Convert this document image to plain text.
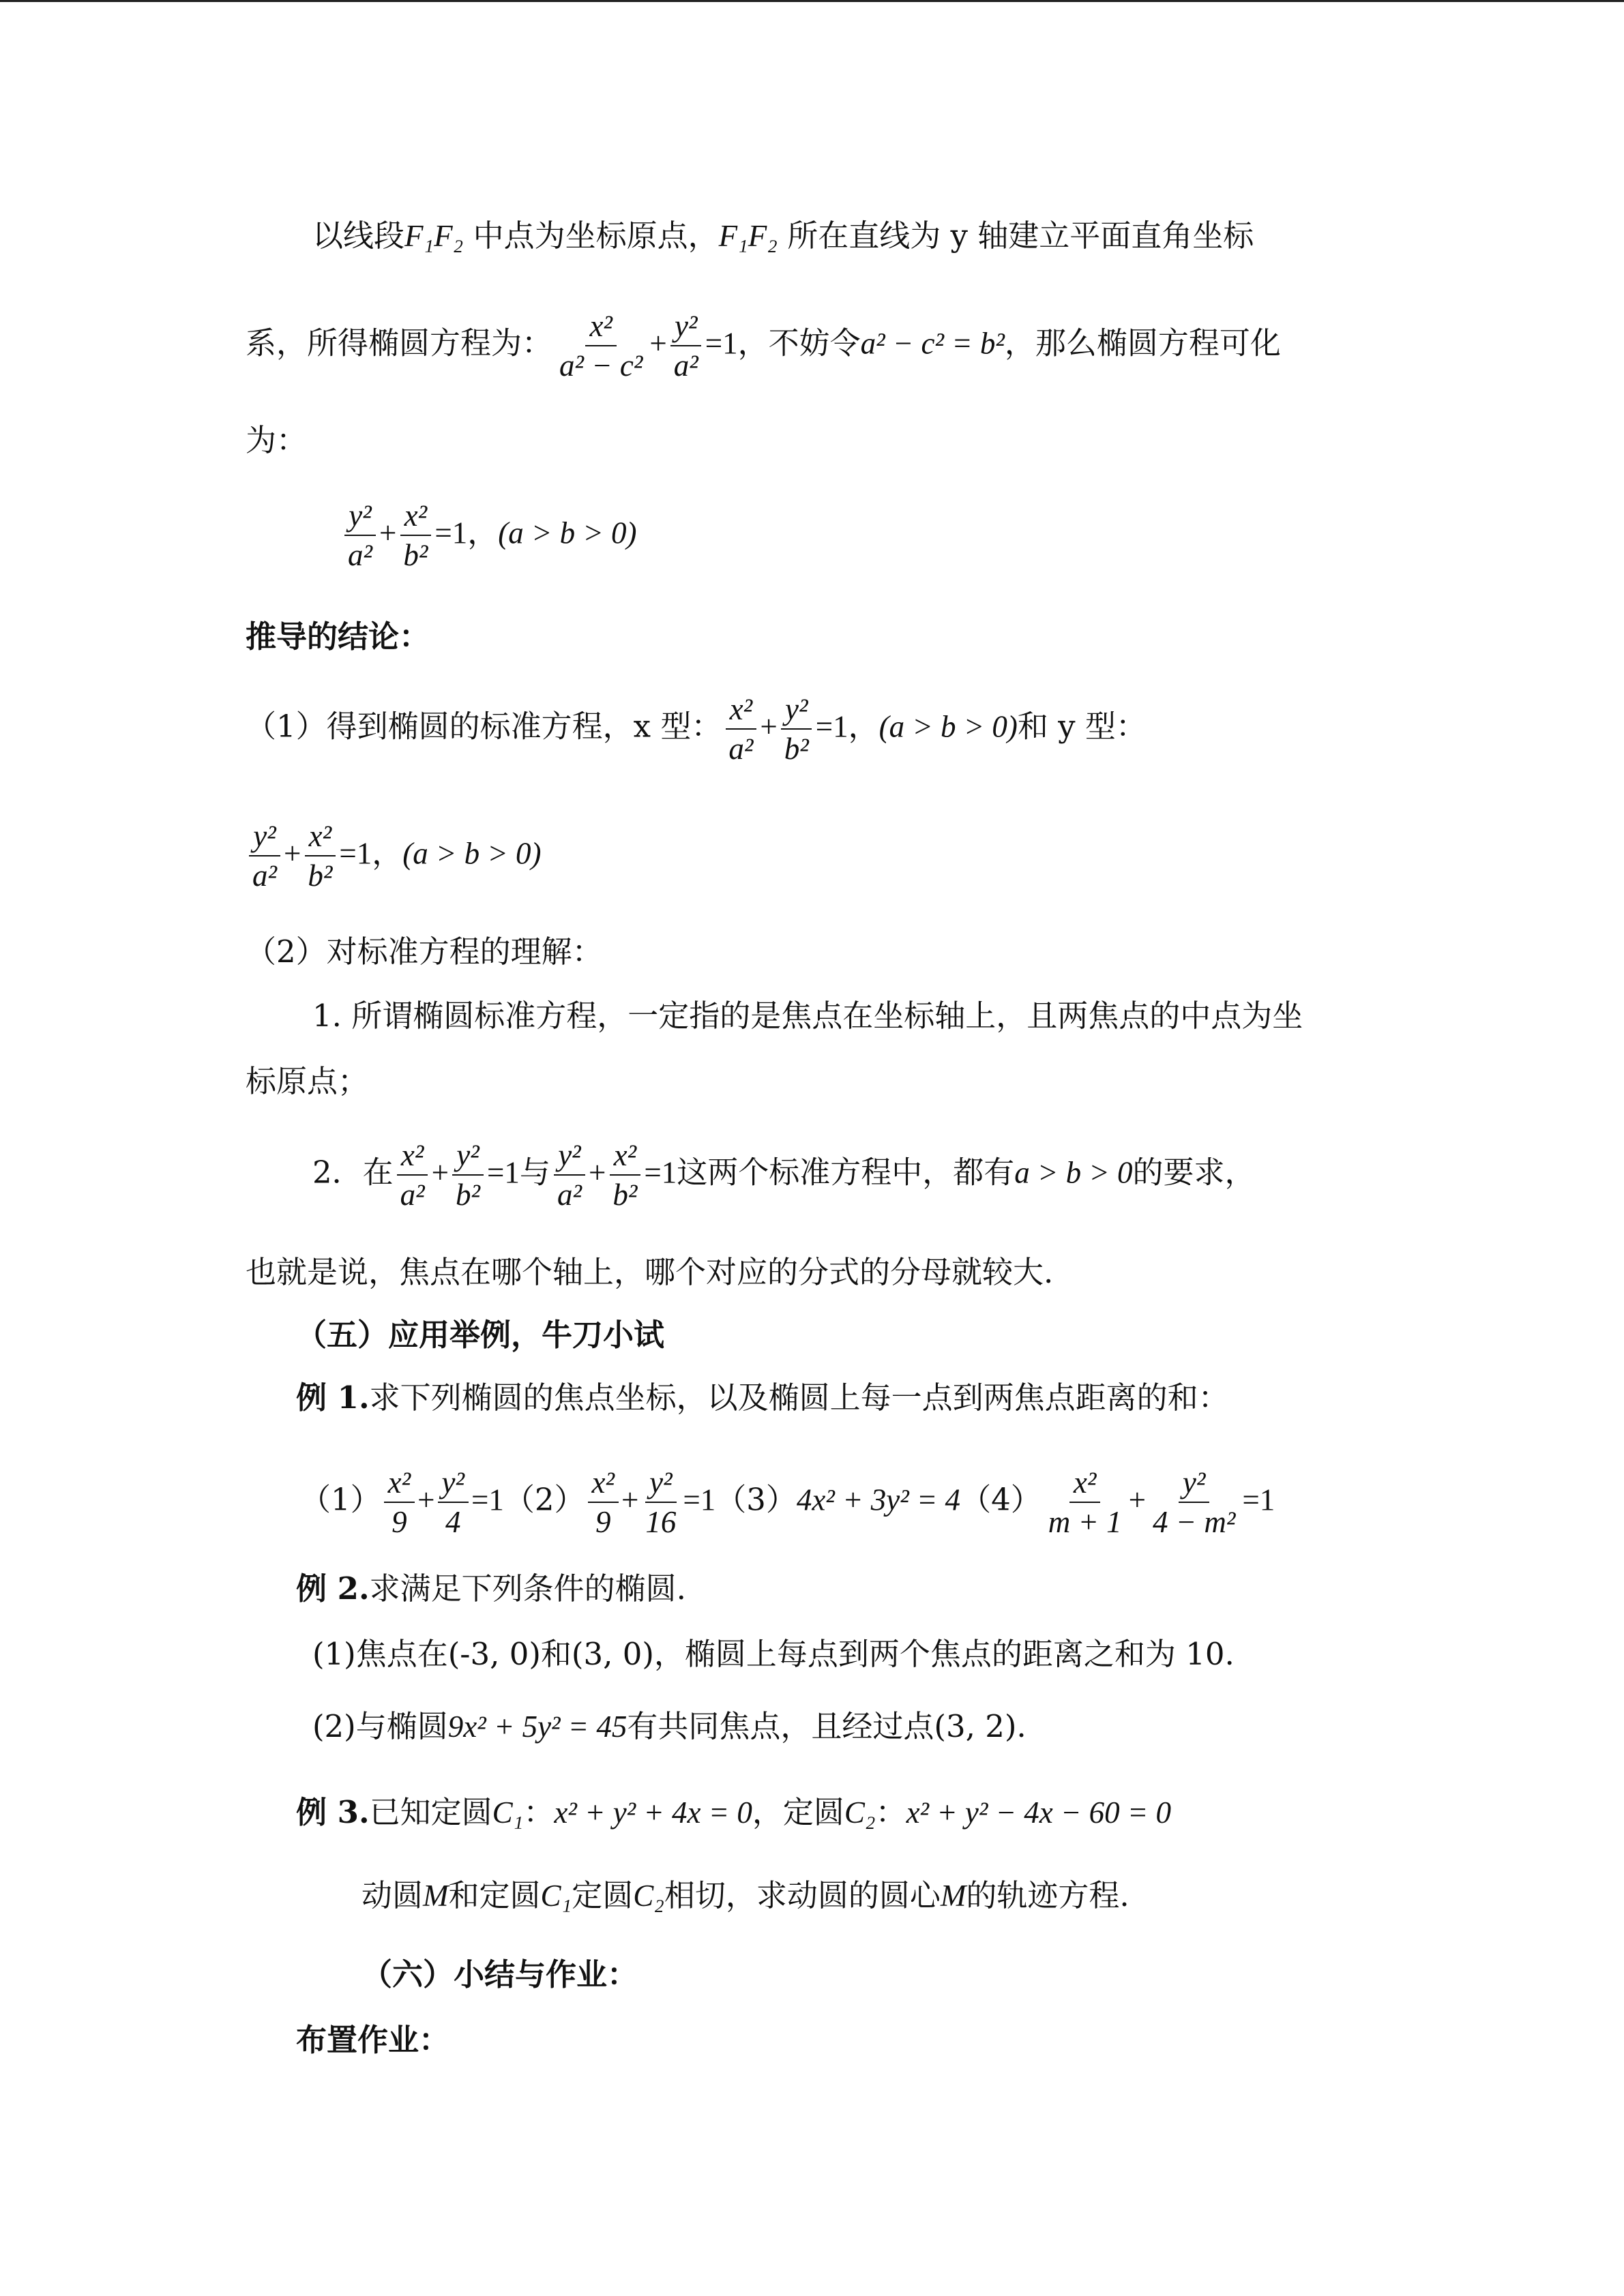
以线段F₁F₂ 中点为坐标原点，F₁F₂ 所在直线为 y 轴建立平面直角坐标
系，所得椭圆方程为： $\frac{\text{x²}}{\text{a² − c²}} + \frac{\text{y²}}{\text{a²}} =1$，不妨令a² − c² = b²，那么椭圆方程可化
为：
$\frac{\text{y²}}{\text{a²}} + \frac{\text{x²}}{\text{b²}} =1$，(a > b > 0)
推导的结论：
（1）得到椭圆的标准方程，x 型： $\frac{\text{x²}}{\text{a²}} + \frac{\text{y²}}{\text{b²}} =1$，(a > b > 0)和 y 型：
$\frac{\text{y²}}{\text{a²}} + \frac{\text{x²}}{\text{b²}} =1$，(a > b > 0)
（2）对标准方程的理解：
1. 所谓椭圆标准方程，一定指的是焦点在坐标轴上，且两焦点的中点为坐
标原点；
2．在 $\frac{\text{x²}}{\text{a²}} + \frac{\text{y²}}{\text{b²}} =1$与 $\frac{\text{y²}}{\text{a²}} + \frac{\text{x²}}{\text{b²}} =1$这两个标准方程中，都有a > b > 0的要求，
也就是说，焦点在哪个轴上，哪个对应的分式的分母就较大.
（五）应用举例，牛刀小试
例 1.求下列椭圆的焦点坐标，以及椭圆上每一点到两焦点距离的和：
$(1) \frac{\text{x²}}{9} + \frac{\text{y²}}{4} =1(2) \frac{\text{x²}}{9} + \frac{\text{y²}}{16} =1(3)4x^2 + 3y^2 = 4(4) \frac{\text{x²}}{m + 1} + \frac{\text{y²}}{\text{4 − m²}} =1$
例 2.求满足下列条件的椭圆.
(1)焦点在(-3, 0)和(3, 0)，椭圆上每点到两个焦点的距离之和为 10.
(2)与椭圆9x² + 5y² = 45有共同焦点，且经过点(3, 2).
例 3.已知定圆C₁：x² + y² + 4x = 0，定圆C₂：x² + y² − 4x − 60 = 0
动圆M和定圆C₁定圆C₂相切，求动圆的圆心M的轨迹方程.
（六）小结与作业：
布置作业：
